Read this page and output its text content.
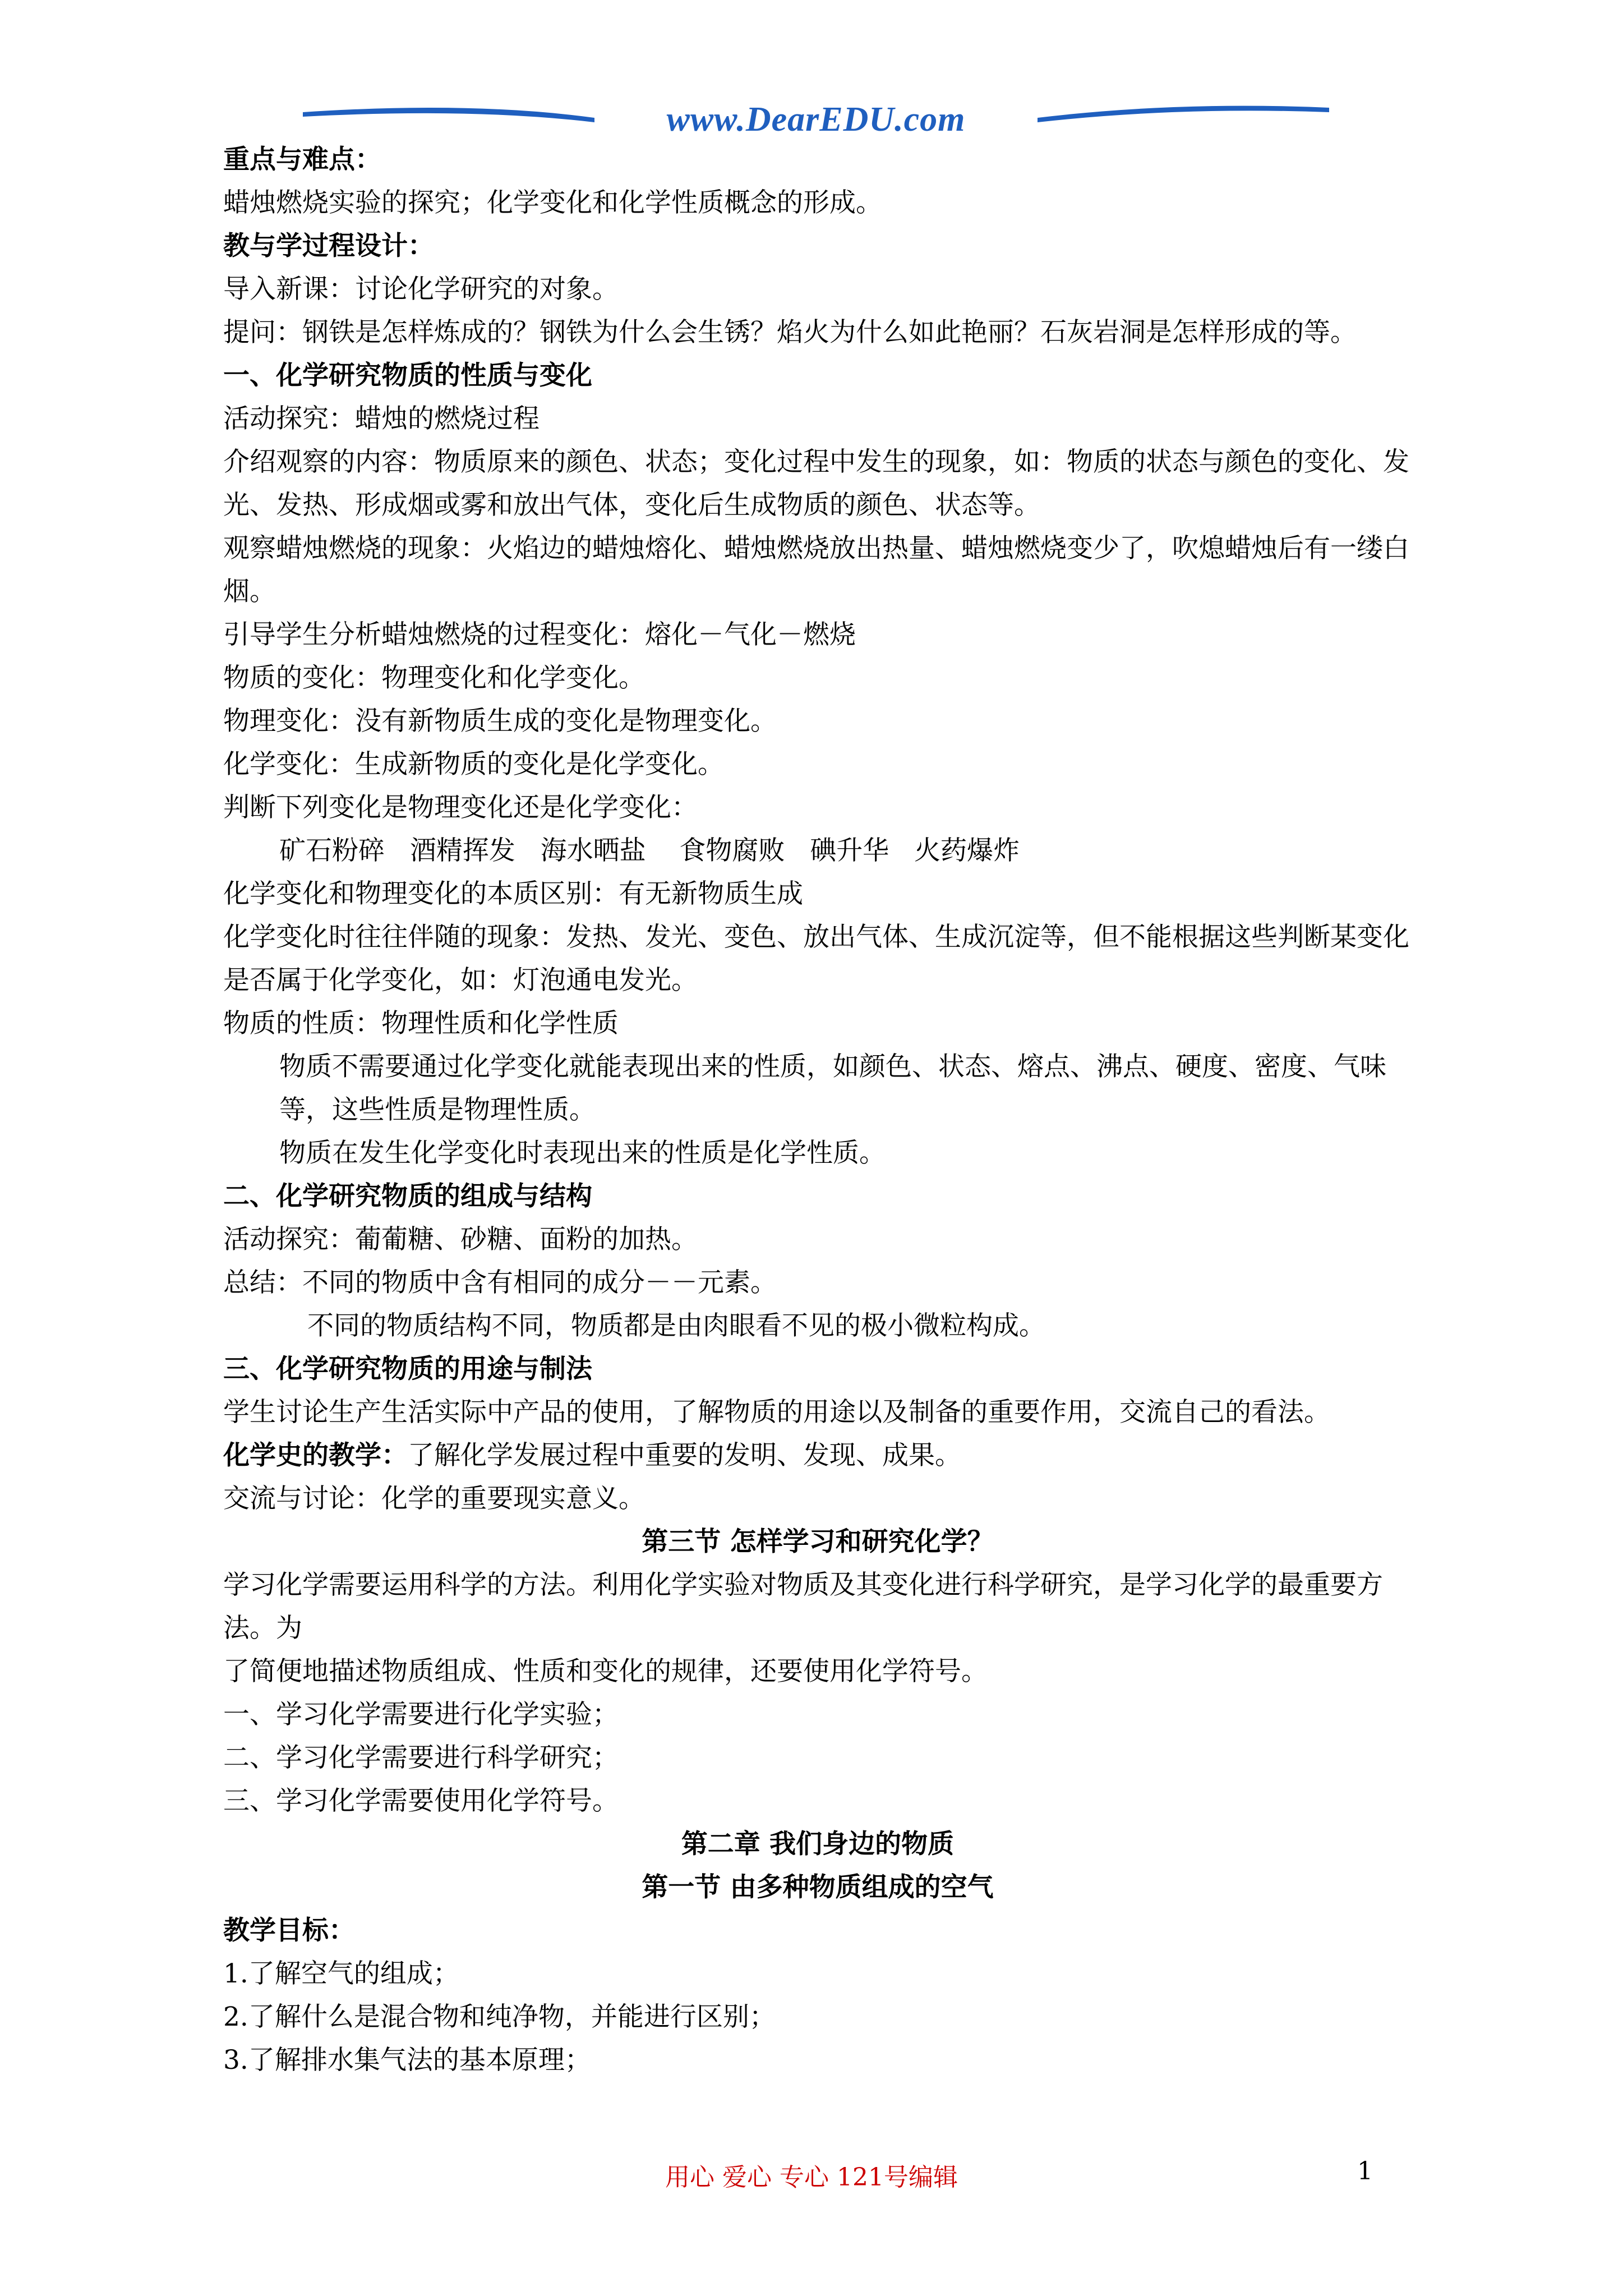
www.DearEDU.com
重点与难点：
蜡烛燃烧实验的探究；化学变化和化学性质概念的形成。
教与学过程设计：
导入新课：讨论化学研究的对象。
提问：钢铁是怎样炼成的？钢铁为什么会生锈？焰火为什么如此艳丽？石灰岩洞是怎样形成的等。
一、化学研究物质的性质与变化
活动探究：蜡烛的燃烧过程
介绍观察的内容：物质原来的颜色、状态；变化过程中发生的现象，如：物质的状态与颜色的变化、发光、发热、形成烟或雾和放出气体，变化后生成物质的颜色、状态等。
观察蜡烛燃烧的现象：火焰边的蜡烛熔化、蜡烛燃烧放出热量、蜡烛燃烧变少了，吹熄蜡烛后有一缕白烟。
引导学生分析蜡烛燃烧的过程变化：熔化－气化－燃烧
物质的变化：物理变化和化学变化。
物理变化：没有新物质生成的变化是物理变化。
化学变化：生成新物质的变化是化学变化。
判断下列变化是物理变化还是化学变化：
矿石粉碎   酒精挥发   海水晒盐    食物腐败   碘升华   火药爆炸
化学变化和物理变化的本质区别：有无新物质生成
化学变化时往往伴随的现象：发热、发光、变色、放出气体、生成沉淀等，但不能根据这些判断某变化是否属于化学变化，如：灯泡通电发光。
物质的性质：物理性质和化学性质
物质不需要通过化学变化就能表现出来的性质，如颜色、状态、熔点、沸点、硬度、密度、气味等，这些性质是物理性质。
物质在发生化学变化时表现出来的性质是化学性质。
二、化学研究物质的组成与结构
活动探究：葡葡糖、砂糖、面粉的加热。
总结：不同的物质中含有相同的成分－－元素。
不同的物质结构不同，物质都是由肉眼看不见的极小微粒构成。
三、化学研究物质的用途与制法
学生讨论生产生活实际中产品的使用，了解物质的用途以及制备的重要作用，交流自己的看法。
化学史的教学：了解化学发展过程中重要的发明、发现、成果。
交流与讨论：化学的重要现实意义。
第三节 怎样学习和研究化学？
学习化学需要运用科学的方法。利用化学实验对物质及其变化进行科学研究，是学习化学的最重要方法。为
了简便地描述物质组成、性质和变化的规律，还要使用化学符号。
一、学习化学需要进行化学实验；
二、学习化学需要进行科学研究；
三、学习化学需要使用化学符号。
第二章 我们身边的物质
第一节 由多种物质组成的空气
教学目标：
1.了解空气的组成；
2.了解什么是混合物和纯净物，并能进行区别；
3.了解排水集气法的基本原理；
用心 爱心 专心 121号编辑	1
